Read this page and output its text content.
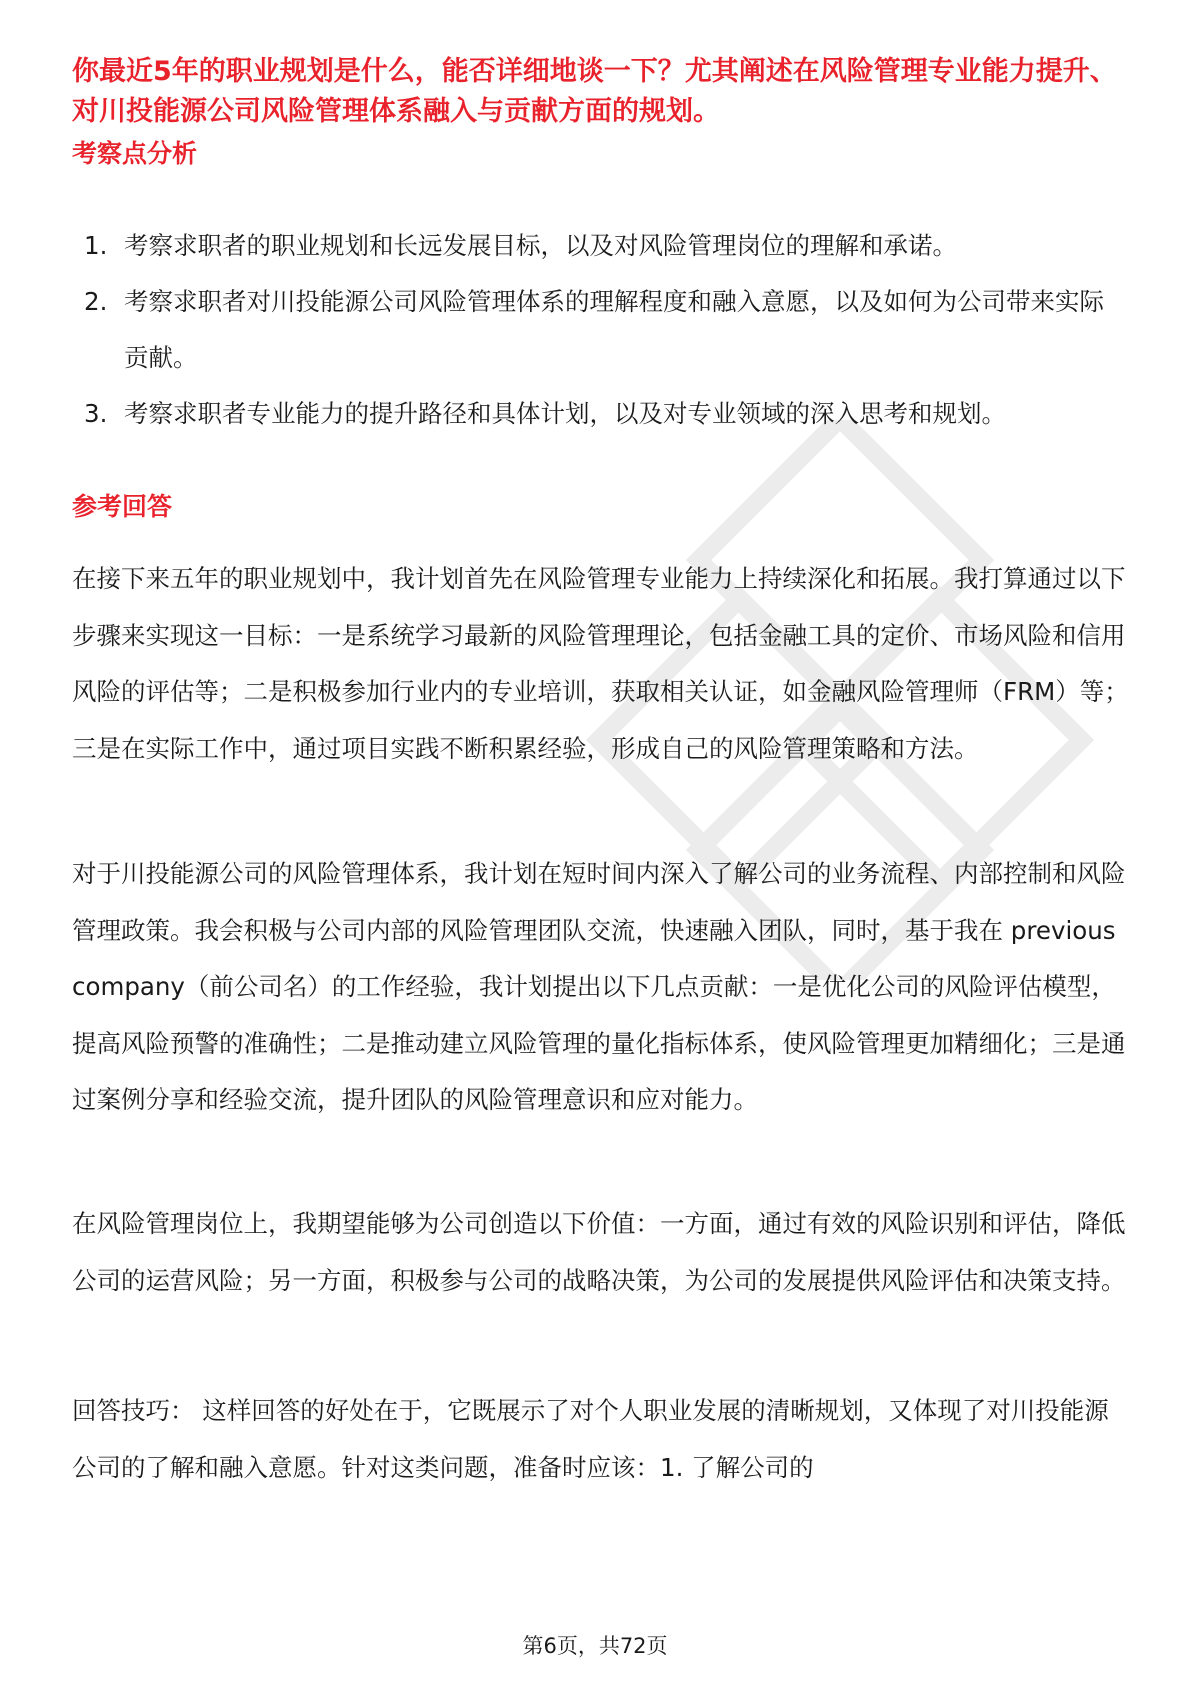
你最近5年的职业规划是什么，能否详细地谈一下？尤其阐述在风险管理专业能力提升、对川投能源公司风险管理体系融入与贡献方面的规划。

考察点分析

1. 考察求职者的职业规划和长远发展目标，以及对风险管理岗位的理解和承诺。
2. 考察求职者对川投能源公司风险管理体系的理解程度和融入意愿，以及如何为公司带来实际贡献。
3. 考察求职者专业能力的提升路径和具体计划，以及对专业领域的深入思考和规划。

参考回答

在接下来五年的职业规划中，我计划首先在风险管理专业能力上持续深化和拓展。我打算通过以下步骤来实现这一目标：一是系统学习最新的风险管理理论，包括金融工具的定价、市场风险和信用风险的评估等；二是积极参加行业内的专业培训，获取相关认证，如金融风险管理师（FRM）等；三是在实际工作中，通过项目实践不断积累经验，形成自己的风险管理策略和方法。

对于川投能源公司的风险管理体系，我计划在短时间内深入了解公司的业务流程、内部控制和风险管理政策。我会积极与公司内部的风险管理团队交流，快速融入团队，同时，基于我在 previous company（前公司名）的工作经验，我计划提出以下几点贡献：一是优化公司的风险评估模型，提高风险预警的准确性；二是推动建立风险管理的量化指标体系，使风险管理更加精细化；三是通过案例分享和经验交流，提升团队的风险管理意识和应对能力。

在风险管理岗位上，我期望能够为公司创造以下价值：一方面，通过有效的风险识别和评估，降低公司的运营风险；另一方面，积极参与公司的战略决策，为公司的发展提供风险评估和决策支持。

回答技巧： 这样回答的好处在于，它既展示了对个人职业发展的清晰规划，又体现了对川投能源公司的了解和融入意愿。针对这类问题，准备时应该：1. 了解公司的

第6页，共72页
